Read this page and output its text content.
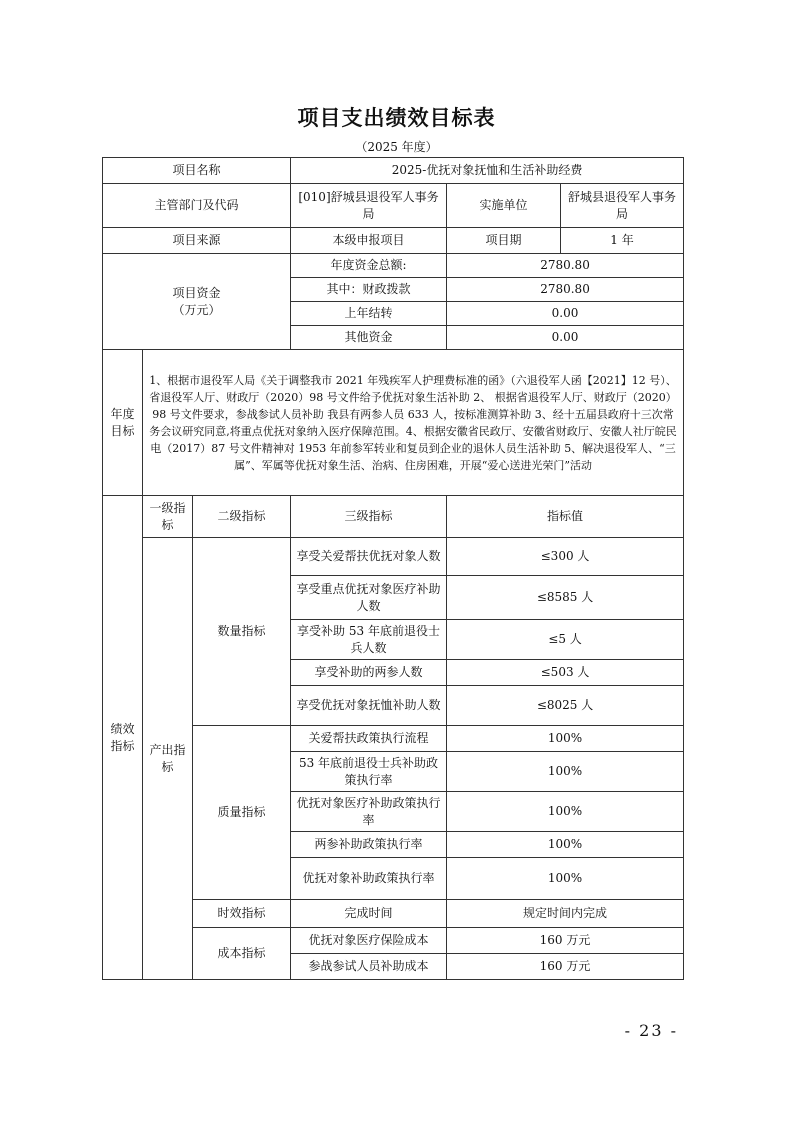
项目支出绩效目标表
（2025 年度）
项目名称			2025-优抚对象抚恤和生活补助经费		
主管部门及代码			[010]舒城县退役军人事务局	实施单位	舒城县退役军人事务局
项目来源			本级申报项目	项目期	1 年

项目资金
（万元）			年度资金总额:	2780.80	
			其中：财政拨款	2780.80	
			上年结转	0.00	
			其他资金	0.00	
年度目标	1、根据市退役军人局《关于调整我市 2021 年残疾军人护理费标准的函》（六退役军人函【2021】12 号）、省退役军人厅、财政厅（2020）98 号文件给予优抚对象生活补助 2、 根据省退役军人厅、财政厅（2020）98 号文件要求，参战参试人员补助 我县有两参人员 633 人，按标准测算补助 3、经十五届县政府十三次常务会议研究同意,将重点优抚对象纳入医疗保障范围。4、根据安徽省民政厅、安徽省财政厅、安徽人社厅皖民电（2017）87 号文件精神对 1953 年前参军转业和复员到企业的退休人员生活补助 5、解决退役军人、“三属”、军属等优抚对象生活、治病、住房困难，开展“爱心送进光荣门”活动				
绩效指标	一级指标	二级指标	三级指标	指标值	
	产出指标	数量指标	享受关爱帮扶优抚对象人数	≤300 人	
			享受重点优抚对象医疗补助人数	≤8585 人	
			享受补助 53 年底前退役士兵人数	≤5 人	
			享受补助的两参人数	≤503 人	
			享受优抚对象抚恤补助人数	≤8025 人	
		质量指标	关爱帮扶政策执行流程	100%	
			53 年底前退役士兵补助政策执行率	100%	
			优抚对象医疗补助政策执行率	100%	
			两参补助政策执行率	100%	
			优抚对象补助政策执行率	100%	
		时效指标	完成时间	规定时间内完成	
		成本指标	优抚对象医疗保险成本	160 万元	
			参战参试人员补助成本	160 万元	
- 23 -
